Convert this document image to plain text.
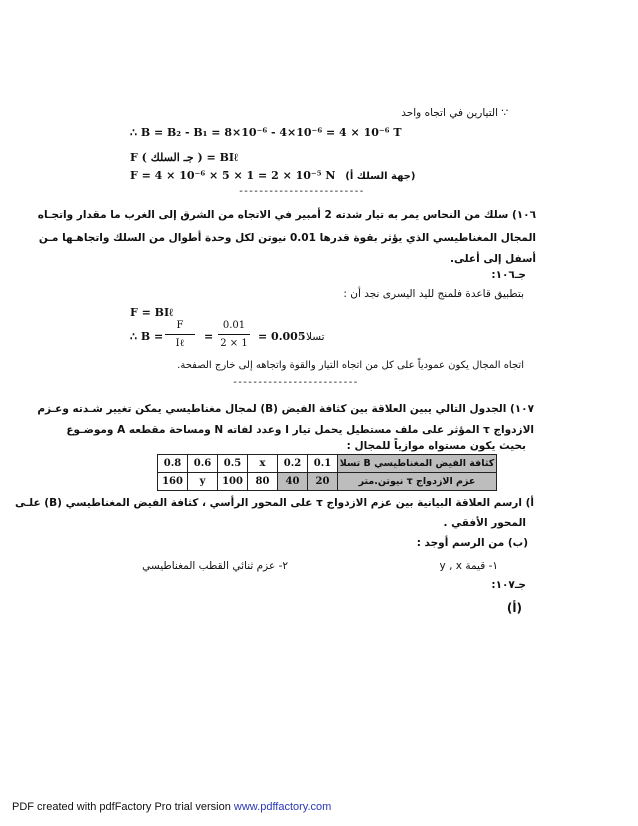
∵ التيارين في اتجاه واحد
∴ B = B₂ - B₁ = 8×10⁻⁶ - 4×10⁻⁶ = 4 × 10⁻⁶ T
F ( جـ السلك ) = BIℓ
F = 4 × 10⁻⁶ × 5 × 1 = 2 × 10⁻⁵ N (جهة السلك أ)
-------------------------
١٠٦) سلك من النحاس يمر به تيار شدته 2 أمبير في الاتجاه من الشرق إلى الغرب ما مقدار واتجـاه
المجال المغناطيسي الذي يؤثر بقوة قدرها 0.01 نيوتن لكل وحدة أطوال من السلك واتجاهـها مـن
أسفل إلى أعلى.
جـ١٠٦:
بتطبيق قاعدة فلمنج لليد اليسرى نجد أن :
F = BIℓ
∴ B =
F
Iℓ
=
0.01
2 × 1
= 0.005 تسلا
اتجاه المجال يكون عمودياً على كل من اتجاه التيار والقوة واتجاهه إلى خارج الصفحة.
-------------------------
١٠٧) الجدول التالي يبين العلاقة بين كثافة الفيض (B) لمجال مغناطيسي يمكن تغيير شـدته وعـزم
الازدواج τ المؤثر على ملف مستطيل يحمل تيار I وعدد لفاته N ومساحة مقطعه A وموضـوع
بحيث يكون مستواه موازياً للمجال :
0.8	0.6	0.5	x	0.2	0.1	كثافة الفيض المغناطيسي B تسلا
160	y	100	80	40	20	عزم الازدواج τ نيوتن.متر
أ) ارسم العلاقة البيانية بين عزم الازدواج τ على المحور الرأسي ، كثافة الفيض المغناطيسي (B) علـى
المحور الأفقي .
(ب) من الرسم أوجد :
١- قيمة y , x
٢- عزم ثنائي القطب المغناطيسي
جـ١٠٧:
(أ)
PDF created with pdfFactory Pro trial version www.pdffactory.com
